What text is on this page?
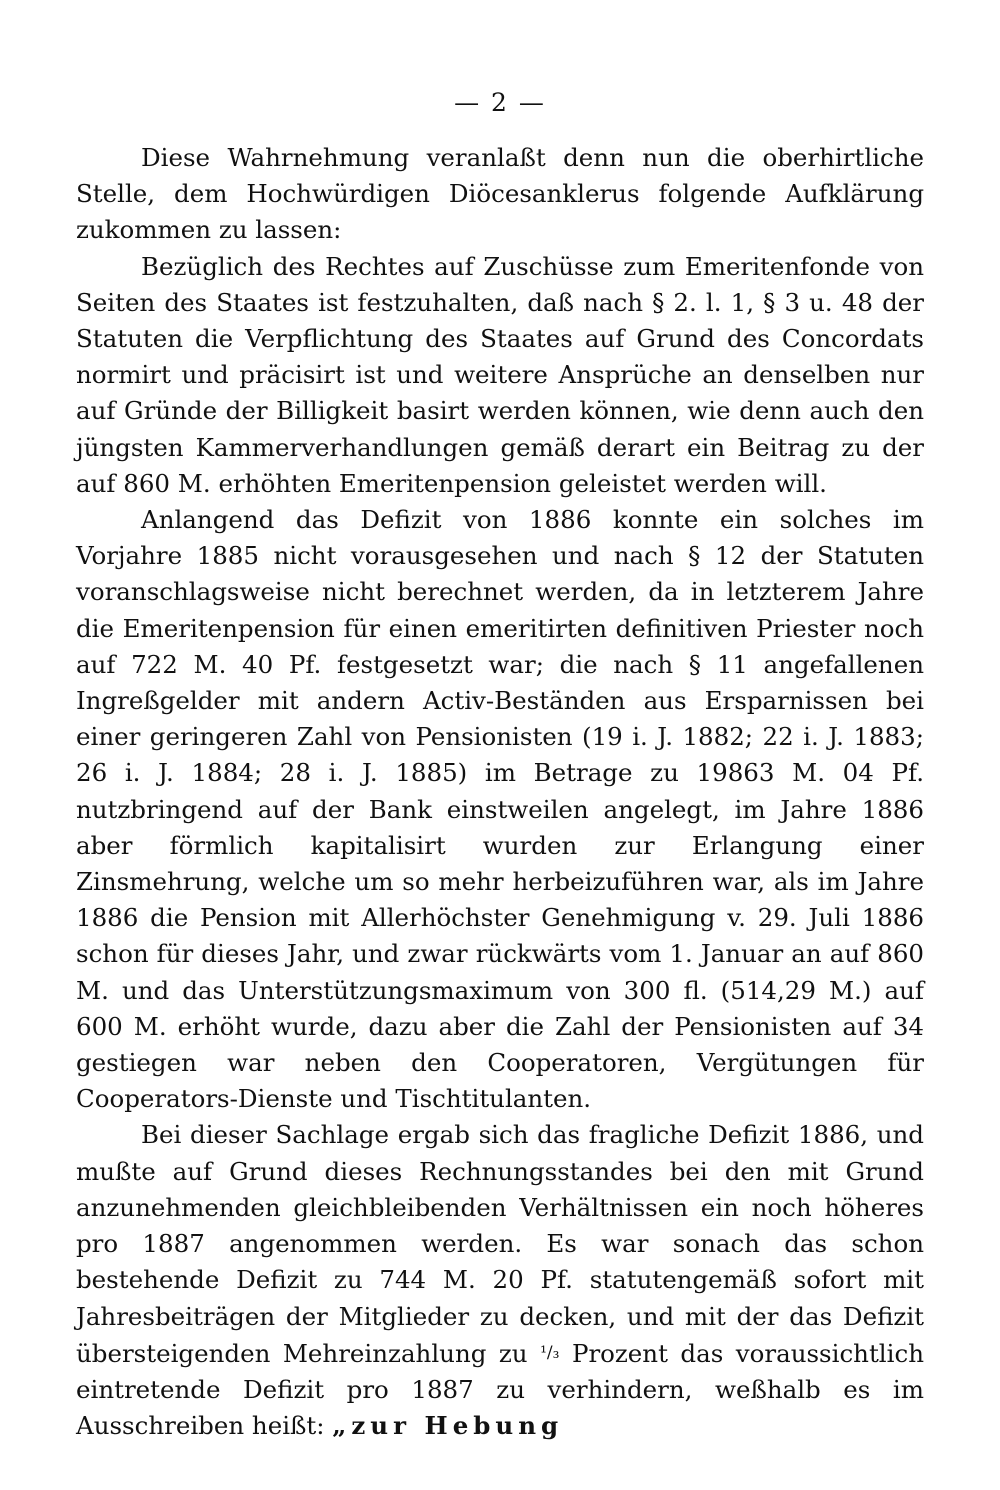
— 2 —

Diese Wahrnehmung veranlaßt denn nun die oberhirtliche Stelle, dem Hochwürdigen Diöcesanklerus folgende Aufklärung zukommen zu lassen:

Bezüglich des Rechtes auf Zuschüsse zum Emeritenfonde von Seiten des Staates ist festzuhalten, daß nach § 2. l. 1, § 3 u. 48 der Statuten die Verpflichtung des Staates auf Grund des Concordats normirt und präcisirt ist und weitere Ansprüche an denselben nur auf Gründe der Billigkeit basirt werden können, wie denn auch den jüngsten Kammerverhandlungen gemäß derart ein Beitrag zu der auf 860 M. erhöhten Emeritenpension geleistet werden will.

Anlangend das Defizit von 1886 konnte ein solches im Vorjahre 1885 nicht vorausgesehen und nach § 12 der Statuten voranschlagsweise nicht berechnet werden, da in letzterem Jahre die Emeritenpension für einen emeritirten definitiven Priester noch auf 722 M. 40 Pf. festgesetzt war; die nach § 11 angefallenen Ingreßgelder mit andern Activ-Beständen aus Ersparnissen bei einer geringeren Zahl von Pensionisten (19 i. J. 1882; 22 i. J. 1883; 26 i. J. 1884; 28 i. J. 1885) im Betrage zu 19863 M. 04 Pf. nutzbringend auf der Bank einstweilen angelegt, im Jahre 1886 aber förmlich kapitalisirt wurden zur Erlangung einer Zinsmehrung, welche um so mehr herbeizuführen war, als im Jahre 1886 die Pension mit Allerhöchster Genehmigung v. 29. Juli 1886 schon für dieses Jahr, und zwar rückwärts vom 1. Januar an auf 860 M. und das Unterstützungsmaximum von 300 fl. (514,29 M.) auf 600 M. erhöht wurde, dazu aber die Zahl der Pensionisten auf 34 gestiegen war neben den Cooperatoren, Vergütungen für Cooperators-Dienste und Tischtitulanten.

Bei dieser Sachlage ergab sich das fragliche Defizit 1886, und mußte auf Grund dieses Rechnungsstandes bei den mit Grund anzunehmenden gleichbleibenden Verhältnissen ein noch höheres pro 1887 angenommen werden. Es war sonach das schon bestehende Defizit zu 744 M. 20 Pf. statutengemäß sofort mit Jahresbeiträgen der Mitglieder zu decken, und mit der das Defizit übersteigenden Mehreinzahlung zu ¹/₃ Prozent das voraussichtlich eintretende Defizit pro 1887 zu verhindern, weßhalb es im Ausschreiben heißt: „zur Hebung
